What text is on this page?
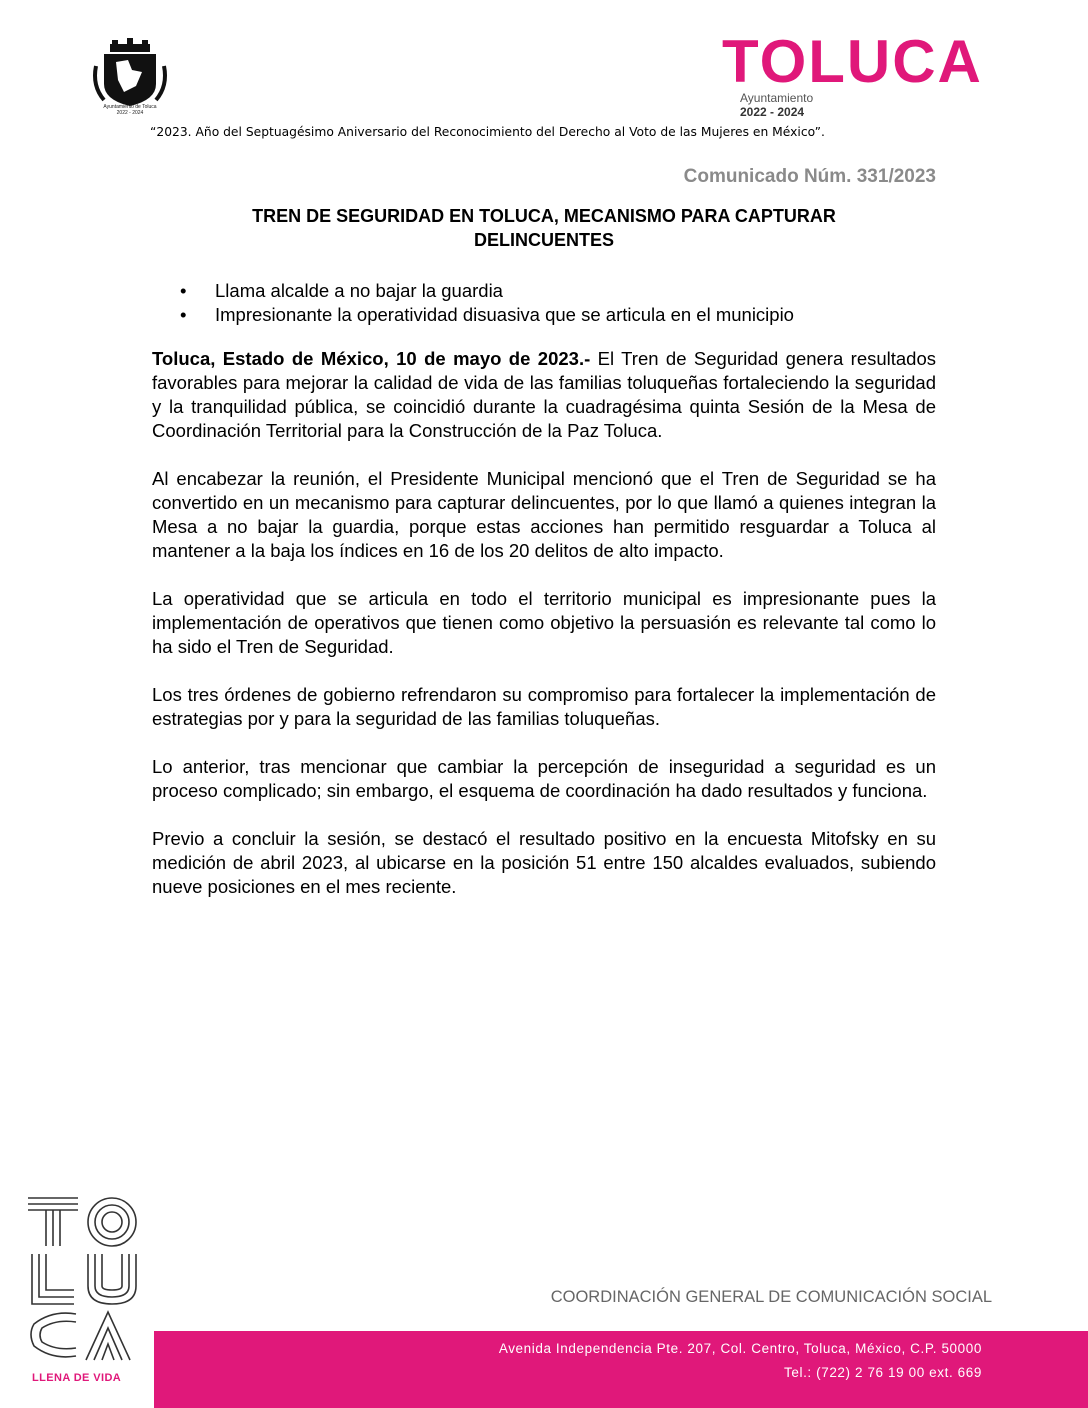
Ayuntamiento de Toluca
2022 - 2024
TOLUCA
Ayuntamiento
2022 - 2024
“2023. Año del Septuagésimo Aniversario del Reconocimiento del Derecho al Voto de las Mujeres en México”.
Comunicado Núm. 331/2023
TREN DE SEGURIDAD EN TOLUCA, MECANISMO PARA CAPTURAR
DELINCUENTES
• Llama alcalde a no bajar la guardia
• Impresionante la operatividad disuasiva que se articula en el municipio

Toluca, Estado de México, 10 de mayo de 2023.- El Tren de Seguridad genera resultados favorables para mejorar la calidad de vida de las familias toluqueñas fortaleciendo la seguridad y la tranquilidad pública, se coincidió durante la cuadragésima quinta Sesión de la Mesa de Coordinación Territorial para la Construcción de la Paz Toluca.

Al encabezar la reunión, el Presidente Municipal mencionó que el Tren de Seguridad se ha convertido en un mecanismo para capturar delincuentes, por lo que llamó a quienes integran la Mesa a no bajar la guardia, porque estas acciones han permitido resguardar a Toluca al mantener a la baja los índices en 16 de los 20 delitos de alto impacto.

La operatividad que se articula en todo el territorio municipal es impresionante pues la implementación de operativos que tienen como objetivo la persuasión es relevante tal como lo ha sido el Tren de Seguridad.

Los tres órdenes de gobierno refrendaron su compromiso para fortalecer la implementación de estrategias por y para la seguridad de las familias toluqueñas.

Lo anterior, tras mencionar que cambiar la percepción de inseguridad a seguridad es un proceso complicado; sin embargo, el esquema de coordinación ha dado resultados y funciona.

Previo a concluir la sesión, se destacó el resultado positivo en la encuesta Mitofsky en su medición de abril 2023, al ubicarse en la posición 51 entre 150 alcaldes evaluados, subiendo nueve posiciones en el mes reciente.

TOLUCA
LLENA DE VIDA
COORDINACIÓN GENERAL DE COMUNICACIÓN SOCIAL
Avenida Independencia Pte. 207, Col. Centro, Toluca, México, C.P. 50000
Tel.: (722) 2 76 19 00 ext. 669
